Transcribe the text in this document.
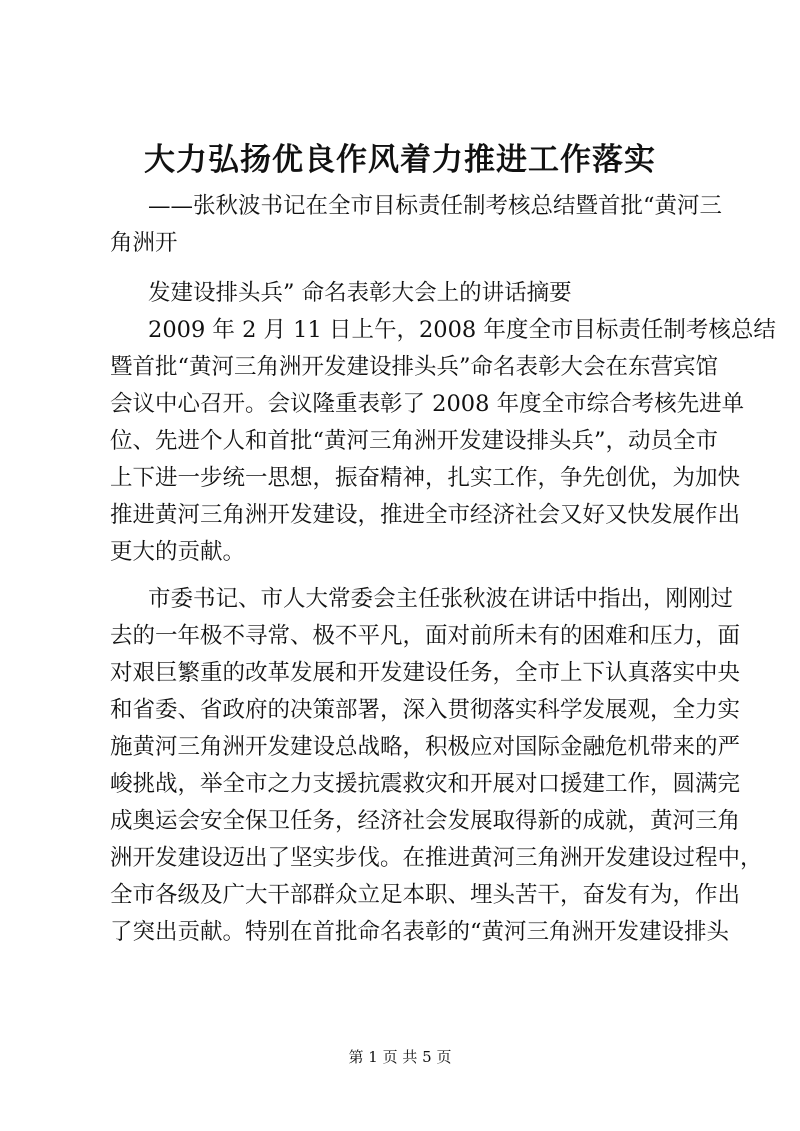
大力弘扬优良作风着力推进工作落实
——张秋波书记在全市目标责任制考核总结暨首批“黄河三
角洲开
发建设排头兵” 命名表彰大会上的讲话摘要
2009 年 2 月 11 日上午，2008 年度全市目标责任制考核总结
暨首批“黄河三角洲开发建设排头兵”命名表彰大会在东营宾馆
会议中心召开。会议隆重表彰了 2008 年度全市综合考核先进单
位、先进个人和首批“黄河三角洲开发建设排头兵”，动员全市
上下进一步统一思想，振奋精神，扎实工作，争先创优，为加快
推进黄河三角洲开发建设，推进全市经济社会又好又快发展作出
更大的贡献。
市委书记、市人大常委会主任张秋波在讲话中指出，刚刚过
去的一年极不寻常、极不平凡，面对前所未有的困难和压力，面
对艰巨繁重的改革发展和开发建设任务，全市上下认真落实中央
和省委、省政府的决策部署，深入贯彻落实科学发展观，全力实
施黄河三角洲开发建设总战略，积极应对国际金融危机带来的严
峻挑战，举全市之力支援抗震救灾和开展对口援建工作，圆满完
成奥运会安全保卫任务，经济社会发展取得新的成就，黄河三角
洲开发建设迈出了坚实步伐。在推进黄河三角洲开发建设过程中，
全市各级及广大干部群众立足本职、埋头苦干，奋发有为，作出
了突出贡献。特别在首批命名表彰的“黄河三角洲开发建设排头
第 1 页 共 5 页
